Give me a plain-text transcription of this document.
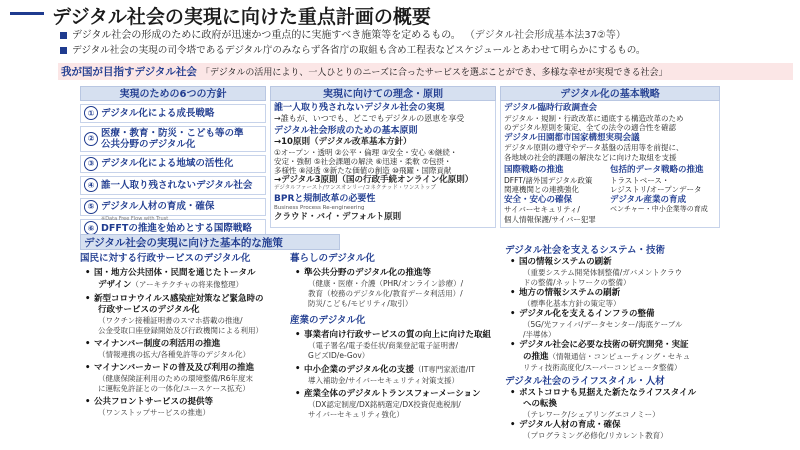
デジタル社会の実現に向けた重点計画の概要
デジタル社会の形成のために政府が迅速かつ重点的に実施すべき施策等を定めるもの。 （デジタル社会形成基本法37②等）
デジタル社会の実現の司令塔であるデジタル庁のみならず各省庁の取組も含め工程表などスケジュールとあわせて明らかにするもの。
我が国が目指すデジタル社会 「デジタルの活用により、一人ひとりのニーズに合ったサービスを選ぶことができ、多様な幸せが実現できる社会」
実現のための6つの方針
① デジタル化による成長戦略
② 医療・教育・防災・こども等の準公共分野のデジタル化
③ デジタル化による地域の活性化
④ 誰一人取り残されないデジタル社会
⑤ デジタル人材の育成・確保
⑥ DFFTの推進を始めとする国際戦略
※Data Free Flow with Trust
実現に向けての理念・原則
誰一人取り残されないデジタル社会の実現
→誰もが、いつでも、どこでもデジタルの恩恵を享受
デジタル社会形成のための基本原則
→10原則（デジタル改革基本方針）
①オープン・透明 ②公平・倫理 ③安全・安心 ④継続・
安定・強靭 ⑤社会課題の解決 ⑥迅速・柔軟 ⑦包摂・
多様性 ⑧浸透 ⑨新たな価値の創造 ⑩飛躍・国際貢献
→デジタル3原則（国の行政手続オンライン化原則）
デジタルファースト/ワンスオンリー/コネクテッド・ワンストップ
BPRと規制改革の必要性
Business Process Re-engineering
クラウド・バイ・デフォルト原則
デジタル化の基本戦略
デジタル臨時行政調査会
デジタル・規制・行政改革に通底する構造改革のため
のデジタル原則を策定、全ての法令の適合性を確認
デジタル田園都市国家構想実現会議
デジタル原則の遵守やデータ基盤の活用等を前提に、
各地域の社会的課題の解決などに向けた取組を支援
国際戦略の推進
DFFT/諸外国デジタル政策
関連機関との連携強化
安全・安心の確保
サイバーセキュリティ/
個人情報保護/サイバー犯罪
包括的データ戦略の推進
トラストベース・
レジストリ/オープンデータ
デジタル産業の育成
ベンチャー・中小企業等の育成
デジタル社会の実現に向けた基本的な施策
国民に対する行政サービスのデジタル化
• 国・地方公共団体・民間を通じたトータル
デザイン（アーキテクチャの将来像整理）
• 新型コロナウイルス感染症対策など緊急時の
行政サービスのデジタル化
（ワクチン接種証明書のスマホ搭載の推進/
公金受取口座登録開始及び行政機関による利用）
• マイナンバー制度の利活用の推進
（情報連携の拡大/各種免許等のデジタル化）
• マイナンバーカードの普及及び利用の推進
（健康保険証利用のための環境整備/R6年度末
に運転免許証との一体化/ユースケース拡充）
• 公共フロントサービスの提供等
（ワンストップサービスの推進）
暮らしのデジタル化
• 準公共分野のデジタル化の推進等
（健康・医療・介護（PHR/オンライン診療）/
教育（校務のデジタル化/教育データ利活用）/
防災/こども/モビリティ/取引）
産業のデジタル化
• 事業者向け行政サービスの質の向上に向けた取組
（電子署名/電子委任状/商業登記電子証明書/
GビズID/e-Gov）
• 中小企業のデジタル化の支援（IT専門家派遣/IT
導入補助金/サイバーセキュリティ対策支援）
• 産業全体のデジタルトランスフォーメーション
（DX認定制度/DX銘柄選定/DX投資促進税制/
サイバーセキュリティ強化）
デジタル社会を支えるシステム・技術
• 国の情報システムの刷新
（重要システム開発体制整備/ガバメントクラウ
ドの整備/ネットワークの整備）
• 地方の情報システムの刷新
（標準化基本方針の策定等）
• デジタル化を支えるインフラの整備
（5G/光ファイバ/データセンター/海底ケーブル
/半導体）
• デジタル社会に必要な技術の研究開発・実証
の推進（情報通信・コンピューティング・セキュ
リティ技術高度化/スーパーコンピュータ整備）
デジタル社会のライフスタイル・人材
• ポストコロナも見据えた新たなライフスタイル
への転換
（テレワーク/シェアリングエコノミー）
• デジタル人材の育成・確保
（プログラミング必修化/リカレント教育）
